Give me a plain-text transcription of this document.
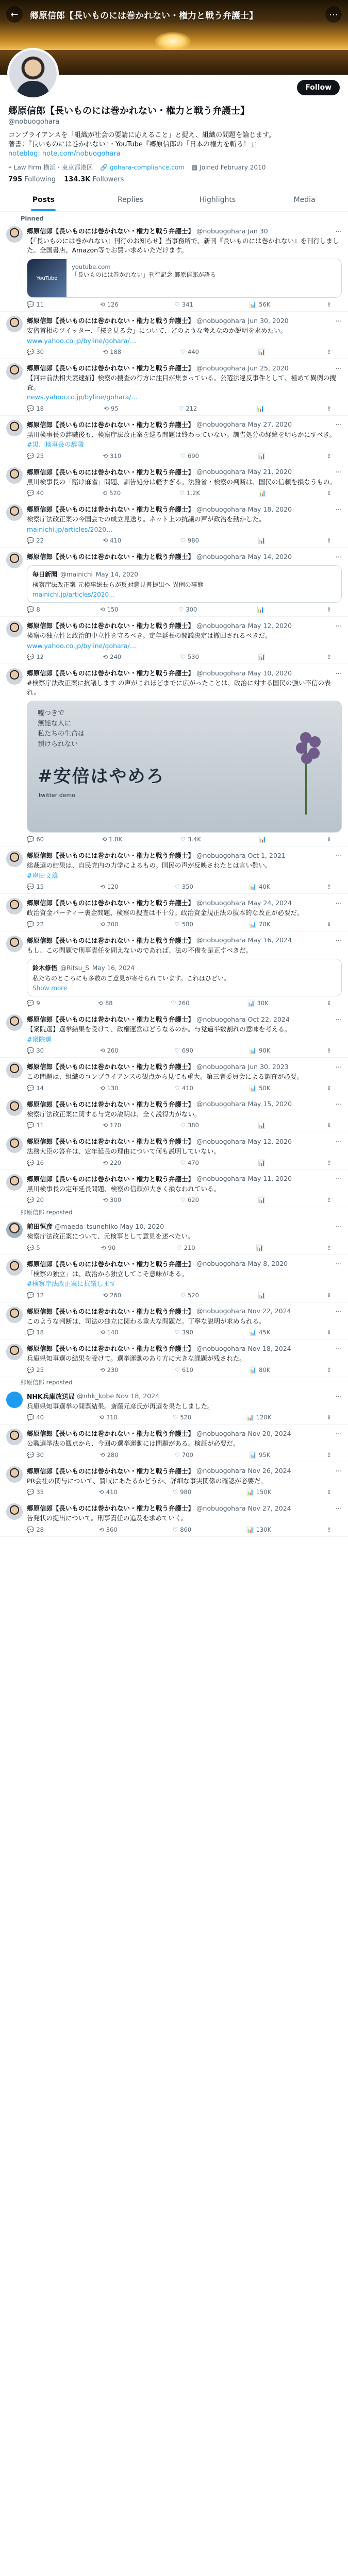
←	郷原信郎【長いものには巻かれない・権力と戦う弁護士】	⋯
Follow
郷原信郎【長いものには巻かれない・権力と戦う弁護士】
@nobuogohara
コンプライアンスを「組織が社会の要請に応えること」と捉え、組織の問題を論じます。
著書：『長いものには巻かれない』・YouTube『郷原信郎の「日本の権力を斬る！」』
noteblog: note.com/nobuogohara
⌖ Law Firm 横浜・東京都港区 🔗 gohara-compliance.com ▦ Joined February 2010
795 Following 134.3K Followers
Posts	Replies	Highlights	Media
Pinned
郷原信郎【長いものには巻かれない・権力と戦う弁護士】 @nobuogohara Jan 30	⋯
【『長いものには巻かれない』刊行のお知らせ】当事務所で、新刊『長いものには巻かれない』を刊行しました。全国書店、Amazon等でお買い求めいただけます。
YouTube
youtube.com
「長いものには巻かれない」刊行記念 郷原信郎が語る
💬 11	⟲ 126	♡ 341	📊 56K	⇪
郷原信郎【長いものには巻かれない・権力と戦う弁護士】 @nobuogohara Jun 30, 2020	⋯
安倍首相のツイッター、「桜を見る会」について、どのような考えなのか説明を求めたい。
www.yahoo.co.jp/byline/gohara/…
💬 30	⟲ 188	♡ 440	📊	⇪
郷原信郎【長いものには巻かれない・権力と戦う弁護士】 @nobuogohara Jun 25, 2020	⋯
【河井前法相夫妻逮捕】検察の捜査の行方に注目が集まっている。公選法違反事件として、極めて異例の捜査。
news.yahoo.co.jp/byline/gohara/…
💬 18	⟲ 95	♡ 212	📊	⇪
郷原信郎【長いものには巻かれない・権力と戦う弁護士】 @nobuogohara May 27, 2020	⋯
黒川検事長の辞職後も、検察庁法改正案を巡る問題は終わっていない。訓告処分の経緯を明らかにすべき。
#黒川検事長の辞職
💬 25	⟲ 310	♡ 690	📊	⇪
郷原信郎【長いものには巻かれない・権力と戦う弁護士】 @nobuogohara May 21, 2020	⋯
黒川検事長の「賭け麻雀」問題、訓告処分は軽すぎる。法務省・検察の判断は、国民の信頼を損なうもの。
💬 40	⟲ 520	♡ 1.2K	📊	⇪
郷原信郎【長いものには巻かれない・権力と戦う弁護士】 @nobuogohara May 18, 2020	⋯
検察庁法改正案の今国会での成立見送り。ネット上の抗議の声が政治を動かした。
mainichi.jp/articles/2020…
💬 22	⟲ 410	♡ 980	📊	⇪
郷原信郎【長いものには巻かれない・権力と戦う弁護士】 @nobuogohara May 14, 2020	⋯
毎日新聞 @mainichi May 14, 2020
検察庁法改正案 元検事総長らが反対意見書提出へ 異例の事態
mainichi.jp/articles/2020…
💬 8	⟲ 150	♡ 300	📊	⇪
郷原信郎【長いものには巻かれない・権力と戦う弁護士】 @nobuogohara May 12, 2020	⋯
検察の独立性と政治的中立性を守るべき。定年延長の閣議決定は撤回されるべきだ。
www.yahoo.co.jp/byline/gohara/…
💬 12	⟲ 240	♡ 530	📊	⇪
郷原信郎【長いものには巻かれない・権力と戦う弁護士】 @nobuogohara May 10, 2020	⋯
#検察庁法改正案に抗議します の声がこれほどまでに広がったことは、政治に対する国民の強い不信の表れ。
嘘つきで
無能な人に
私たちの生命は
預けられない
#安倍はやめろ
twitter demo
💬 60	⟲ 1.8K	♡ 3.4K	📊	⇪
郷原信郎【長いものには巻かれない・権力と戦う弁護士】 @nobuogohara Oct 1, 2021	⋯
総裁選の結果は、自民党内の力学によるもの。国民の声が反映されたとは言い難い。
#岸田文雄
💬 15	⟲ 120	♡ 350	📊 40K	⇪
郷原信郎【長いものには巻かれない・権力と戦う弁護士】 @nobuogohara May 24, 2024	⋯
政治資金パーティー裏金問題、検察の捜査は不十分。政治資金規正法の抜本的な改正が必要だ。
💬 22	⟲ 200	♡ 580	📊 70K	⇪
郷原信郎【長いものには巻かれない・権力と戦う弁護士】 @nobuogohara May 16, 2024	⋯
もし、この問題で刑事責任を問えないのであれば、法の不備を是正すべきだ。
鈴木修悟 @Ritsu_S May 16, 2024
私たちのところにも多数のご意見が寄せられています。これはひどい。
Show more
💬 9	⟲ 88	♡ 260	📊 30K	⇪
郷原信郎【長いものには巻かれない・権力と戦う弁護士】 @nobuogohara Oct 22, 2024	⋯
【衆院選】選挙結果を受けて、政権運営はどうなるのか。与党過半数割れの意味を考える。
#衆院選
💬 30	⟲ 260	♡ 690	📊 90K	⇪
郷原信郎【長いものには巻かれない・権力と戦う弁護士】 @nobuogohara Jun 30, 2023	⋯
この問題は、組織のコンプライアンスの観点から見ても重大。第三者委員会による調査が必要。
💬 14	⟲ 130	♡ 410	📊 50K	⇪
郷原信郎【長いものには巻かれない・権力と戦う弁護士】 @nobuogohara May 15, 2020	⋯
検察庁法改正案に関する与党の説明は、全く説得力がない。
💬 11	⟲ 170	♡ 380	📊	⇪
郷原信郎【長いものには巻かれない・権力と戦う弁護士】 @nobuogohara May 12, 2020	⋯
法務大臣の答弁は、定年延長の理由について何も説明していない。
💬 16	⟲ 220	♡ 470	📊	⇪
郷原信郎【長いものには巻かれない・権力と戦う弁護士】 @nobuogohara May 11, 2020	⋯
黒川検事長の定年延長問題、検察の信頼が大きく損なわれている。
💬 20	⟲ 300	♡ 620	📊	⇪
郷原信郎 reposted
前田恒彦 @maeda_tsunehiko May 10, 2020	⋯
検察庁法改正案について、元検事として意見を述べたい。
💬 5	⟲ 90	♡ 210	📊	⇪
郷原信郎【長いものには巻かれない・権力と戦う弁護士】 @nobuogohara May 8, 2020	⋯
「検察の独立」は、政治から独立してこそ意味がある。
#検察庁法改正案に抗議します
💬 12	⟲ 260	♡ 520	📊	⇪
郷原信郎【長いものには巻かれない・権力と戦う弁護士】 @nobuogohara Nov 22, 2024	⋯
このような判断は、司法の独立に関わる重大な問題だ。丁寧な説明が求められる。
💬 18	⟲ 140	♡ 390	📊 45K	⇪
郷原信郎【長いものには巻かれない・権力と戦う弁護士】 @nobuogohara Nov 18, 2024	⋯
兵庫県知事選の結果を受けて。選挙運動のあり方に大きな課題が残された。
💬 25	⟲ 230	♡ 610	📊 80K	⇪
郷原信郎 reposted
NHK兵庫放送局 @nhk_kobe Nov 18, 2024	⋯
兵庫県知事選挙の開票結果。斎藤元彦氏が再選を果たしました。
💬 40	⟲ 310	♡ 520	📊 120K	⇪
郷原信郎【長いものには巻かれない・権力と戦う弁護士】 @nobuogohara Nov 20, 2024	⋯
公職選挙法の観点から、今回の選挙運動には問題がある。検証が必要だ。
💬 30	⟲ 280	♡ 700	📊 95K	⇪
郷原信郎【長いものには巻かれない・権力と戦う弁護士】 @nobuogohara Nov 26, 2024	⋯
PR会社の関与について、買収にあたるかどうか、詳細な事実関係の確認が必要だ。
💬 35	⟲ 410	♡ 980	📊 150K	⇪
郷原信郎【長いものには巻かれない・権力と戦う弁護士】 @nobuogohara Nov 27, 2024	⋯
告発状の提出について。刑事責任の追及を求めていく。
💬 28	⟲ 360	♡ 860	📊 130K	⇪
